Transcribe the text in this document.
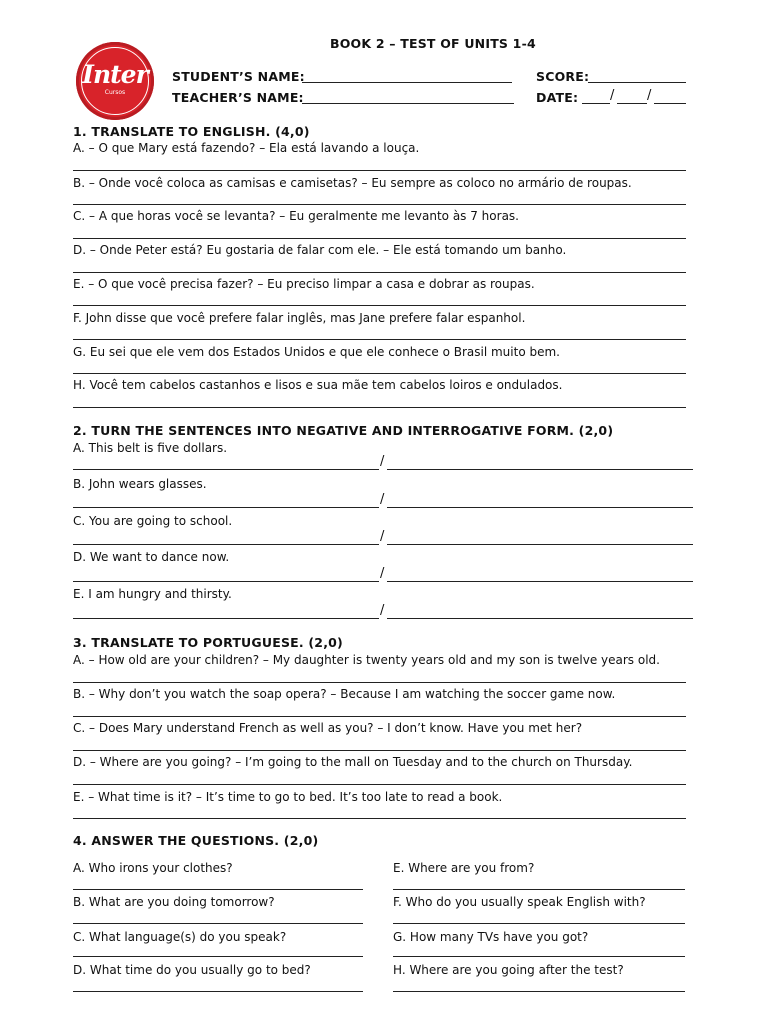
Inter
Cursos
BOOK 2 – TEST OF UNITS 1-4
STUDENT’S NAME:	SCORE:
TEACHER’S NAME:	DATE: /	/
1. TRANSLATE TO ENGLISH. (4,0)
A. – O que Mary está fazendo? – Ela está lavando a louça.
B. – Onde você coloca as camisas e camisetas? – Eu sempre as coloco no armário de roupas.
C. – A que horas você se levanta? – Eu geralmente me levanto às 7 horas.
D. – Onde Peter está? Eu gostaria de falar com ele. – Ele está tomando um banho.
E. – O que você precisa fazer? – Eu preciso limpar a casa e dobrar as roupas.
F. John disse que você prefere falar inglês, mas Jane prefere falar espanhol.
G. Eu sei que ele vem dos Estados Unidos e que ele conhece o Brasil muito bem.
H. Você tem cabelos castanhos e lisos e sua mãe tem cabelos loiros e ondulados.
2. TURN THE SENTENCES INTO NEGATIVE AND INTERROGATIVE FORM. (2,0)
A. This belt is five dollars.
/
B. John wears glasses.
/
C. You are going to school.
/
D. We want to dance now.
/
E. I am hungry and thirsty.
/
3. TRANSLATE TO PORTUGUESE. (2,0)
A. – How old are your children? – My daughter is twenty years old and my son is twelve years old.
B. – Why don’t you watch the soap opera? – Because I am watching the soccer game now.
C. – Does Mary understand French as well as you? – I don’t know. Have you met her?
D. – Where are you going? – I’m going to the mall on Tuesday and to the church on Thursday.
E. – What time is it? – It’s time to go to bed. It’s too late to read a book.
4. ANSWER THE QUESTIONS. (2,0)
A. Who irons your clothes?	E. Where are you from?
B. What are you doing tomorrow?	F. Who do you usually speak English with?
C. What language(s) do you speak?	G. How many TVs have you got?
D. What time do you usually go to bed?	H. Where are you going after the test?
